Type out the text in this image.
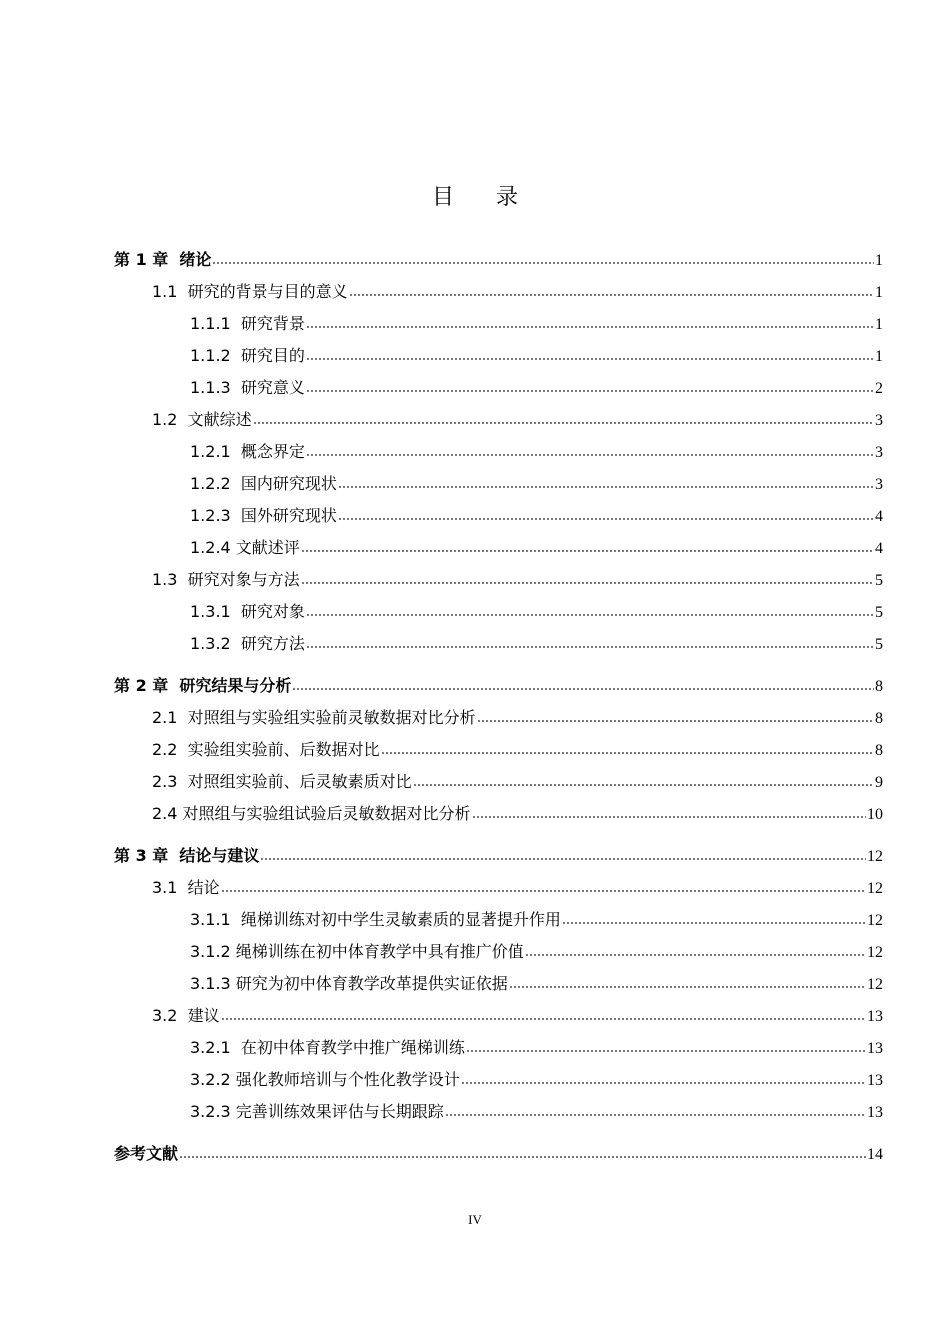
目录
第 1 章  绪论	1
1.1  研究的背景与目的意义	1
1.1.1  研究背景	1
1.1.2  研究目的	1
1.1.3  研究意义	2
1.2  文献综述	3
1.2.1  概念界定	3
1.2.2  国内研究现状	3
1.2.3  国外研究现状	4
1.2.4 文献述评	4
1.3  研究对象与方法	5
1.3.1  研究对象	5
1.3.2  研究方法	5
第 2 章  研究结果与分析	8
2.1  对照组与实验组实验前灵敏数据对比分析	8
2.2  实验组实验前、后数据对比	8
2.3  对照组实验前、后灵敏素质对比	9
2.4 对照组与实验组试验后灵敏数据对比分析	10
第 3 章  结论与建议	12
3.1  结论	12
3.1.1  绳梯训练对初中学生灵敏素质的显著提升作用	12
3.1.2 绳梯训练在初中体育教学中具有推广价值	12
3.1.3 研究为初中体育教学改革提供实证依据	12
3.2  建议	13
3.2.1  在初中体育教学中推广绳梯训练	13
3.2.2 强化教师培训与个性化教学设计	13
3.2.3 完善训练效果评估与长期跟踪	13
参考文献	14
IV
